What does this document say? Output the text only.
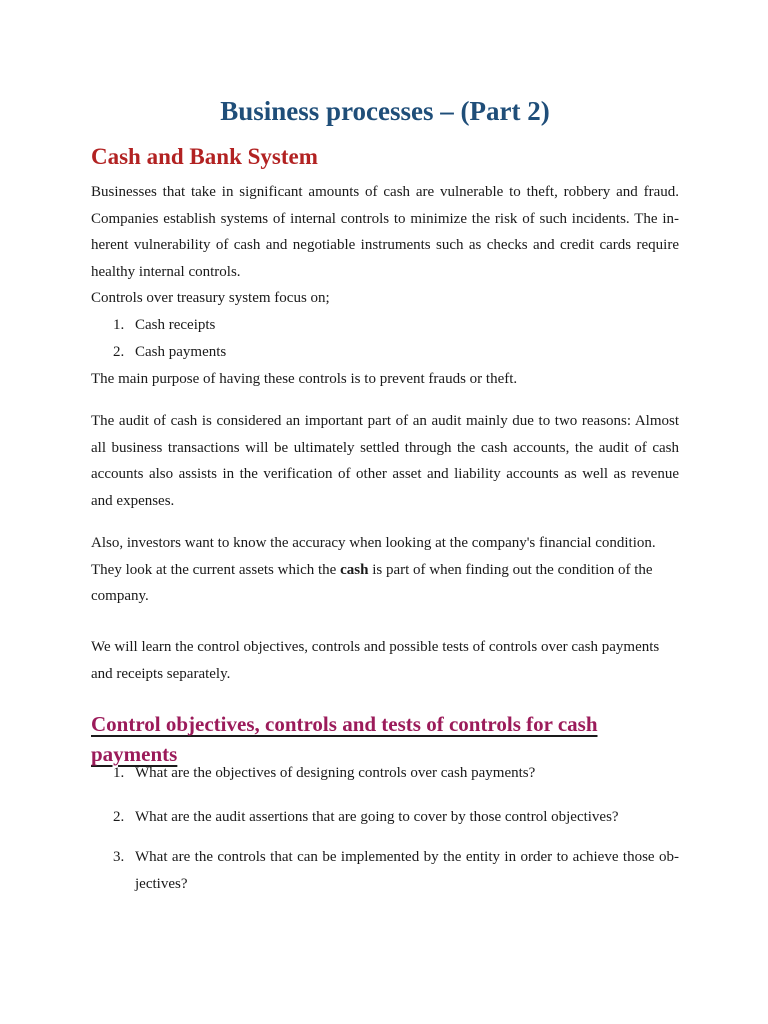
Business processes – (Part 2)
Cash and Bank System

Businesses that take in significant amounts of cash are vulnerable to theft, robbery and fraud.
Companies establish systems of internal controls to minimize the risk of such incidents. The in-
herent vulnerability of cash and negotiable instruments such as checks and credit cards require
healthy internal controls.

Controls over treasury system focus on;

1. Cash receipts
2. Cash payments

The main purpose of having these controls is to prevent frauds or theft.

The audit of cash is considered an important part of an audit mainly due to two reasons: Almost
all business transactions will be ultimately settled through the cash accounts, the audit of cash
accounts also assists in the verification of other asset and liability accounts as well as revenue
and expenses.

Also, investors want to know the accuracy when looking at the company's financial condition.
They look at the current assets which the cash is part of when finding out the condition of the
company.

We will learn the control objectives, controls and possible tests of controls over cash payments
and receipts separately.

Control objectives, controls and tests of controls for cash payments
1. What are the objectives of designing controls over cash payments?
2. What are the audit assertions that are going to cover by those control objectives?
3. What are the controls that can be implemented by the entity in order to achieve those ob-
jectives?
